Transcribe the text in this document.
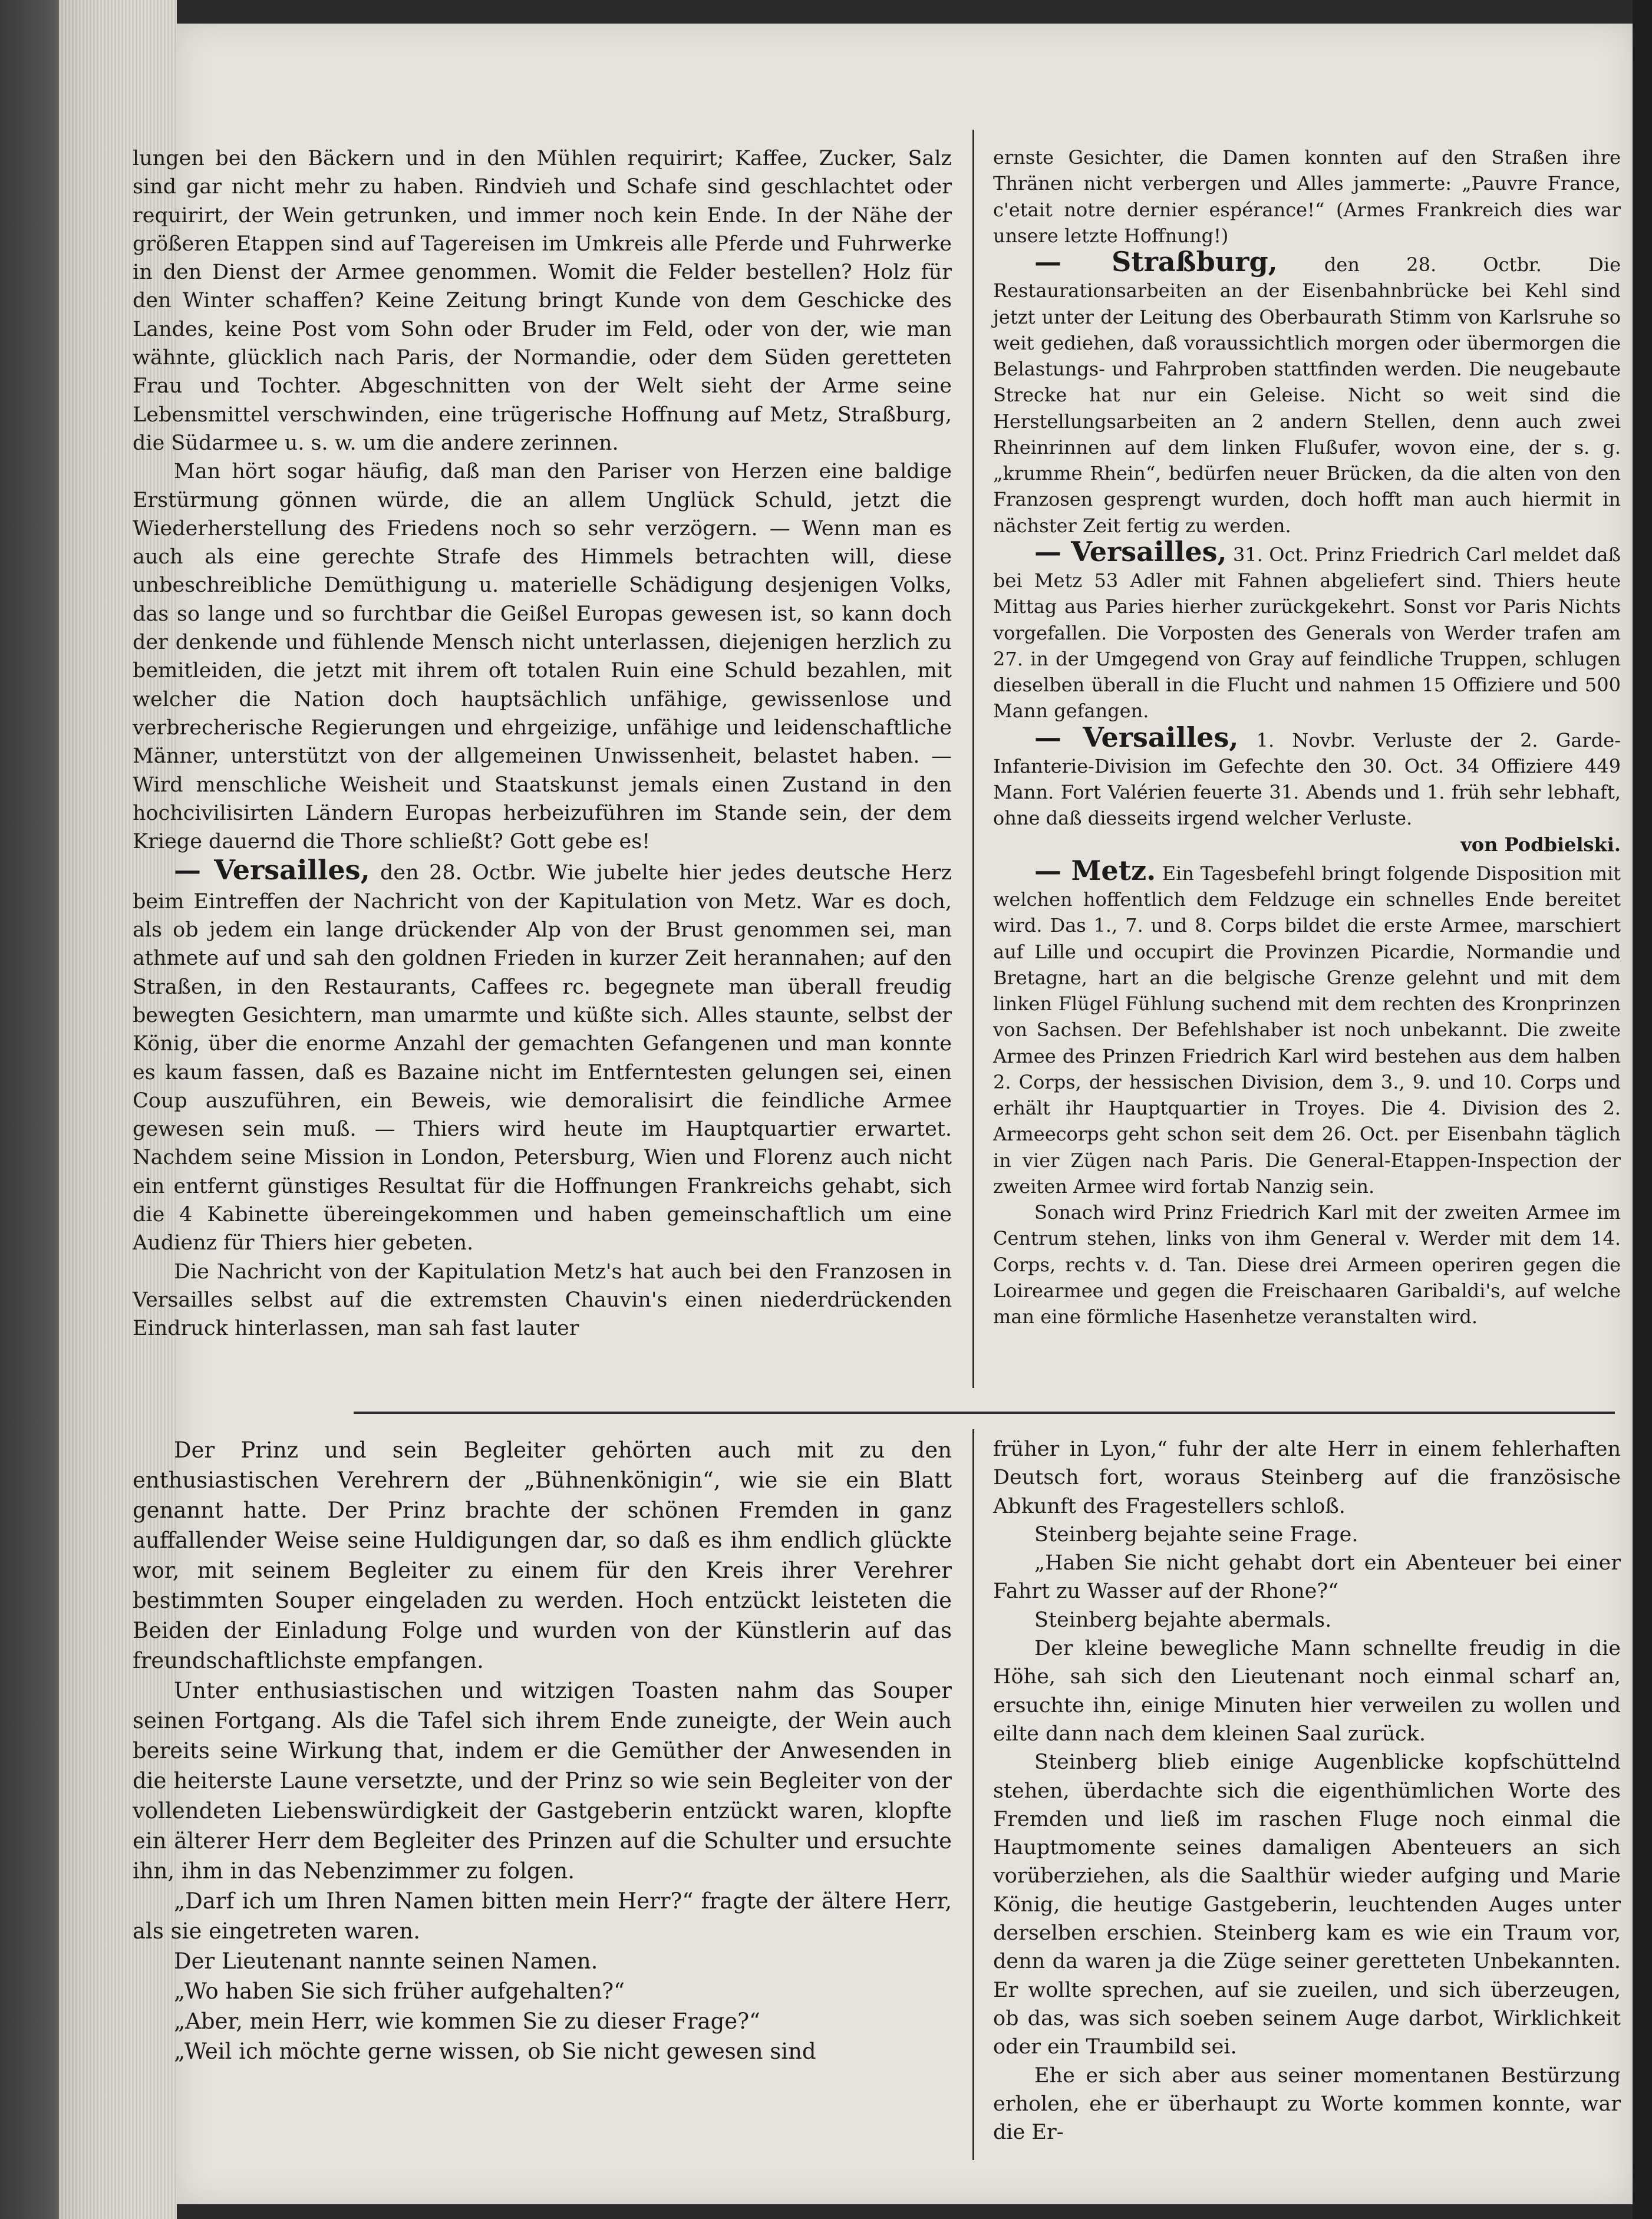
lungen bei den Bäckern und in den Mühlen requirirt; Kaffee, Zucker, Salz sind gar nicht mehr zu haben. Rindvieh und Schafe sind geschlachtet oder requirirt, der Wein getrunken, und immer noch kein Ende. In der Nähe der größeren Etappen sind auf Tagereisen im Umkreis alle Pferde und Fuhrwerke in den Dienst der Armee genommen. Womit die Felder bestellen? Holz für den Winter schaffen? Keine Zeitung bringt Kunde von dem Geschicke des Landes, keine Post vom Sohn oder Bruder im Feld, oder von der, wie man wähnte, glücklich nach Paris, der Normandie, oder dem Süden geretteten Frau und Tochter. Abgeschnitten von der Welt sieht der Arme seine Lebensmittel verschwinden, eine trügerische Hoffnung auf Metz, Straßburg, die Südarmee u. s. w. um die andere zerinnen.

Man hört sogar häufig, daß man den Pariser von Herzen eine baldige Erstürmung gönnen würde, die an allem Unglück Schuld, jetzt die Wiederherstellung des Friedens noch so sehr verzögern. — Wenn man es auch als eine gerechte Strafe des Himmels betrachten will, diese unbeschreibliche Demüthigung u. materielle Schädigung desjenigen Volks, das so lange und so furchtbar die Geißel Europas gewesen ist, so kann doch der denkende und fühlende Mensch nicht unterlassen, diejenigen herzlich zu bemitleiden, die jetzt mit ihrem oft totalen Ruin eine Schuld bezahlen, mit welcher die Nation doch hauptsächlich unfähige, gewissenlose und verbrecherische Regierungen und ehrgeizige, unfähige und leidenschaftliche Männer, unterstützt von der allgemeinen Unwissenheit, belastet haben. — Wird menschliche Weisheit und Staatskunst jemals einen Zustand in den hochcivilisirten Ländern Europas herbeizuführen im Stande sein, der dem Kriege dauernd die Thore schließt? Gott gebe es!

— Versailles, den 28. Octbr. Wie jubelte hier jedes deutsche Herz beim Eintreffen der Nachricht von der Kapitulation von Metz. War es doch, als ob jedem ein lange drückender Alp von der Brust genommen sei, man athmete auf und sah den goldnen Frieden in kurzer Zeit herannahen; auf den Straßen, in den Restaurants, Caffees rc. begegnete man überall freudig bewegten Gesichtern, man umarmte und küßte sich. Alles staunte, selbst der König, über die enorme Anzahl der gemachten Gefangenen und man konnte es kaum fassen, daß es Bazaine nicht im Entferntesten gelungen sei, einen Coup auszuführen, ein Beweis, wie demoralisirt die feindliche Armee gewesen sein muß. — Thiers wird heute im Hauptquartier erwartet. Nachdem seine Mission in London, Petersburg, Wien und Florenz auch nicht ein entfernt günstiges Resultat für die Hoffnungen Frankreichs gehabt, sich die 4 Kabinette übereingekommen und haben gemeinschaftlich um eine Audienz für Thiers hier gebeten.

Die Nachricht von der Kapitulation Metz's hat auch bei den Franzosen in Versailles selbst auf die extremsten Chauvin's einen niederdrückenden Eindruck hinterlassen, man sah fast lauter

ernste Gesichter, die Damen konnten auf den Straßen ihre Thränen nicht verbergen und Alles jammerte: „Pauvre France, c'etait notre dernier espérance!“ (Armes Frankreich dies war unsere letzte Hoffnung!)

— Straßburg, den 28. Octbr. Die Restaurationsarbeiten an der Eisenbahnbrücke bei Kehl sind jetzt unter der Leitung des Oberbaurath Stimm von Karlsruhe so weit gediehen, daß voraussichtlich morgen oder übermorgen die Belastungs- und Fahrproben stattfinden werden. Die neugebaute Strecke hat nur ein Geleise. Nicht so weit sind die Herstellungsarbeiten an 2 andern Stellen, denn auch zwei Rheinrinnen auf dem linken Flußufer, wovon eine, der s. g. „krumme Rhein“, bedürfen neuer Brücken, da die alten von den Franzosen gesprengt wurden, doch hofft man auch hiermit in nächster Zeit fertig zu werden.

— Versailles, 31. Oct. Prinz Friedrich Carl meldet daß bei Metz 53 Adler mit Fahnen abgeliefert sind. Thiers heute Mittag aus Paries hierher zurückgekehrt. Sonst vor Paris Nichts vorgefallen. Die Vorposten des Generals von Werder trafen am 27. in der Umgegend von Gray auf feindliche Truppen, schlugen dieselben überall in die Flucht und nahmen 15 Offiziere und 500 Mann gefangen.

— Versailles, 1. Novbr. Verluste der 2. Garde-Infanterie-Division im Gefechte den 30. Oct. 34 Offiziere 449 Mann. Fort Valérien feuerte 31. Abends und 1. früh sehr lebhaft, ohne daß diesseits irgend welcher Verluste.

von Podbielski.

— Metz. Ein Tagesbefehl bringt folgende Disposition mit welchen hoffentlich dem Feldzuge ein schnelles Ende bereitet wird. Das 1., 7. und 8. Corps bildet die erste Armee, marschiert auf Lille und occupirt die Provinzen Picardie, Normandie und Bretagne, hart an die belgische Grenze gelehnt und mit dem linken Flügel Fühlung suchend mit dem rechten des Kronprinzen von Sachsen. Der Befehlshaber ist noch unbekannt. Die zweite Armee des Prinzen Friedrich Karl wird bestehen aus dem halben 2. Corps, der hessischen Division, dem 3., 9. und 10. Corps und erhält ihr Hauptquartier in Troyes. Die 4. Division des 2. Armeecorps geht schon seit dem 26. Oct. per Eisenbahn täglich in vier Zügen nach Paris. Die General-Etappen-Inspection der zweiten Armee wird fortab Nanzig sein.

Sonach wird Prinz Friedrich Karl mit der zweiten Armee im Centrum stehen, links von ihm General v. Werder mit dem 14. Corps, rechts v. d. Tan. Diese drei Armeen operiren gegen die Loirearmee und gegen die Freischaaren Garibaldi's, auf welche man eine förmliche Hasenhetze veranstalten wird.

Der Prinz und sein Begleiter gehörten auch mit zu den enthusiastischen Verehrern der „Bühnenkönigin“, wie sie ein Blatt genannt hatte. Der Prinz brachte der schönen Fremden in ganz auffallender Weise seine Huldigungen dar, so daß es ihm endlich glückte wor, mit seinem Begleiter zu einem für den Kreis ihrer Verehrer bestimmten Souper eingeladen zu werden. Hoch entzückt leisteten die Beiden der Einladung Folge und wurden von der Künstlerin auf das freundschaftlichste empfangen.

Unter enthusiastischen und witzigen Toasten nahm das Souper seinen Fortgang. Als die Tafel sich ihrem Ende zuneigte, der Wein auch bereits seine Wirkung that, indem er die Gemüther der Anwesenden in die heiterste Laune versetzte, und der Prinz so wie sein Begleiter von der vollendeten Liebenswürdigkeit der Gastgeberin entzückt waren, klopfte ein älterer Herr dem Begleiter des Prinzen auf die Schulter und ersuchte ihn, ihm in das Nebenzimmer zu folgen.

„Darf ich um Ihren Namen bitten mein Herr?“ fragte der ältere Herr, als sie eingetreten waren.

Der Lieutenant nannte seinen Namen.

„Wo haben Sie sich früher aufgehalten?“

„Aber, mein Herr, wie kommen Sie zu dieser Frage?“

„Weil ich möchte gerne wissen, ob Sie nicht gewesen sind

früher in Lyon,“ fuhr der alte Herr in einem fehlerhaften Deutsch fort, woraus Steinberg auf die französische Abkunft des Fragestellers schloß.

Steinberg bejahte seine Frage.

„Haben Sie nicht gehabt dort ein Abenteuer bei einer Fahrt zu Wasser auf der Rhone?“

Steinberg bejahte abermals.

Der kleine bewegliche Mann schnellte freudig in die Höhe, sah sich den Lieutenant noch einmal scharf an, ersuchte ihn, einige Minuten hier verweilen zu wollen und eilte dann nach dem kleinen Saal zurück.

Steinberg blieb einige Augenblicke kopfschüttelnd stehen, überdachte sich die eigenthümlichen Worte des Fremden und ließ im raschen Fluge noch einmal die Hauptmomente seines damaligen Abenteuers an sich vorüberziehen, als die Saalthür wieder aufging und Marie König, die heutige Gastgeberin, leuchtenden Auges unter derselben erschien. Steinberg kam es wie ein Traum vor, denn da waren ja die Züge seiner geretteten Unbekannten. Er wollte sprechen, auf sie zueilen, und sich überzeugen, ob das, was sich soeben seinem Auge darbot, Wirklichkeit oder ein Traumbild sei.

Ehe er sich aber aus seiner momentanen Bestürzung erholen, ehe er überhaupt zu Worte kommen konnte, war die Er-
